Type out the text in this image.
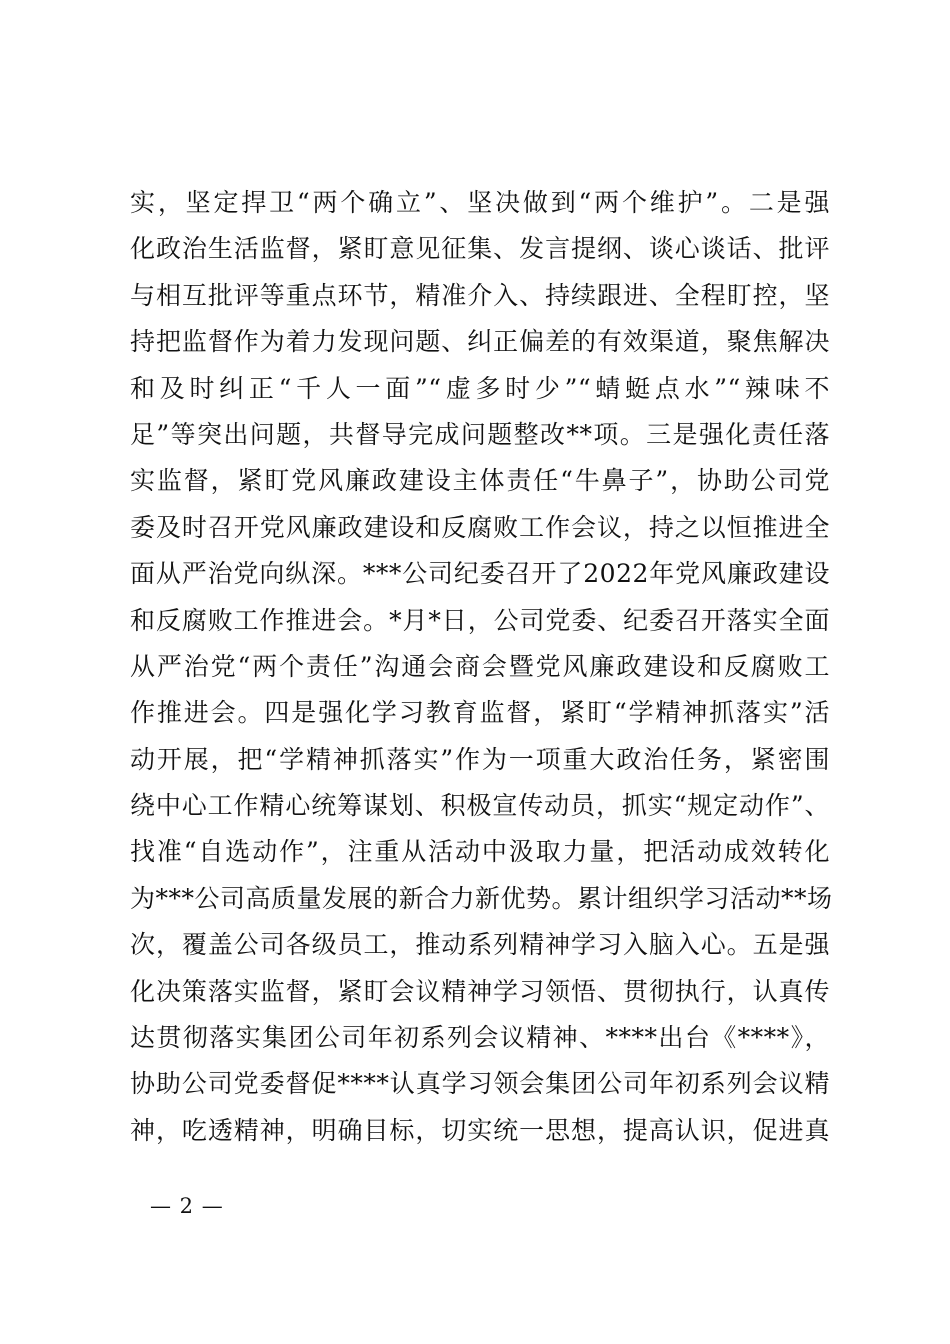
实，坚定捍卫“两个确立”、坚决做到“两个维护”。二是强
化政治生活监督，紧盯意见征集、发言提纲、谈心谈话、批评
与相互批评等重点环节，精准介入、持续跟进、全程盯控，坚
持把监督作为着力发现问题、纠正偏差的有效渠道，聚焦解决
和及时纠正“千人一面”“虚多时少”“蜻蜓点水”“辣味不
足”等突出问题，共督导完成问题整改**项。三是强化责任落
实监督，紧盯党风廉政建设主体责任“牛鼻子”，协助公司党
委及时召开党风廉政建设和反腐败工作会议，持之以恒推进全
面从严治党向纵深。***公司纪委召开了2022年党风廉政建设
和反腐败工作推进会。*月*日，公司党委、纪委召开落实全面
从严治党“两个责任”沟通会商会暨党风廉政建设和反腐败工
作推进会。四是强化学习教育监督，紧盯“学精神抓落实”活
动开展，把“学精神抓落实”作为一项重大政治任务，紧密围
绕中心工作精心统筹谋划、积极宣传动员，抓实“规定动作”、
找准“自选动作”，注重从活动中汲取力量，把活动成效转化
为***公司高质量发展的新合力新优势。累计组织学习活动**场
次，覆盖公司各级员工，推动系列精神学习入脑入心。五是强
化决策落实监督，紧盯会议精神学习领悟、贯彻执行，认真传
达贯彻落实集团公司年初系列会议精神、****出台《****》，
协助公司党委督促****认真学习领会集团公司年初系列会议精
神，吃透精神，明确目标，切实统一思想，提高认识，促进真
— 2 —
